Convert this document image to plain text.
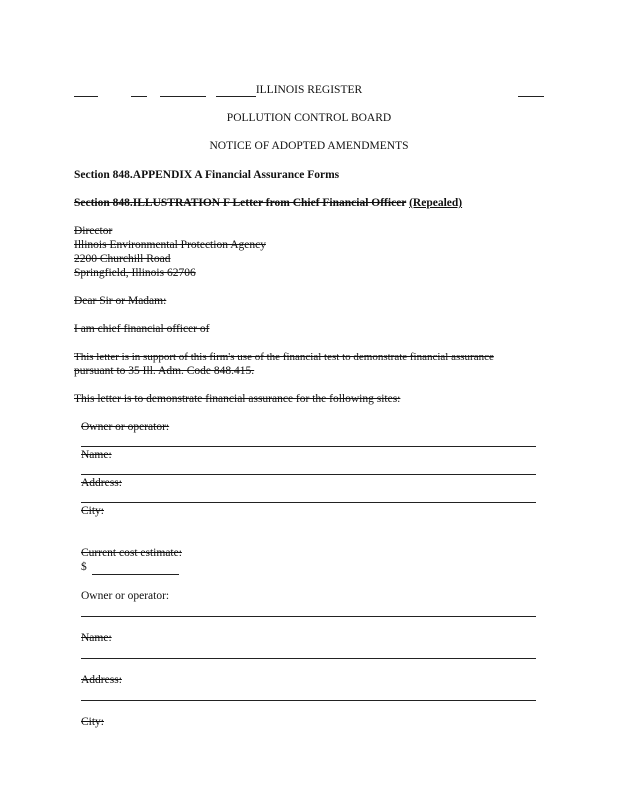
ILLINOIS REGISTER
POLLUTION CONTROL BOARD
NOTICE OF ADOPTED AMENDMENTS
Section 848.APPENDIX A Financial Assurance Forms
Section 848.ILLUSTRATION F Letter from Chief Financial Officer (Repealed)
Director
Illinois Environmental Protection Agency
2200 Churchill Road
Springfield, Illinois 62706
Dear Sir or Madam:
I am chief financial officer of
This letter is in support of this firm's use of the financial test to demonstrate financial assurance
pursuant to 35 Ill. Adm. Code 848.415.
This letter is to demonstrate financial assurance for the following sites:
Owner or operator:
Name:
Address:
City:
Current cost estimate:
$
Owner or operator:
Name:
Address:
City:
